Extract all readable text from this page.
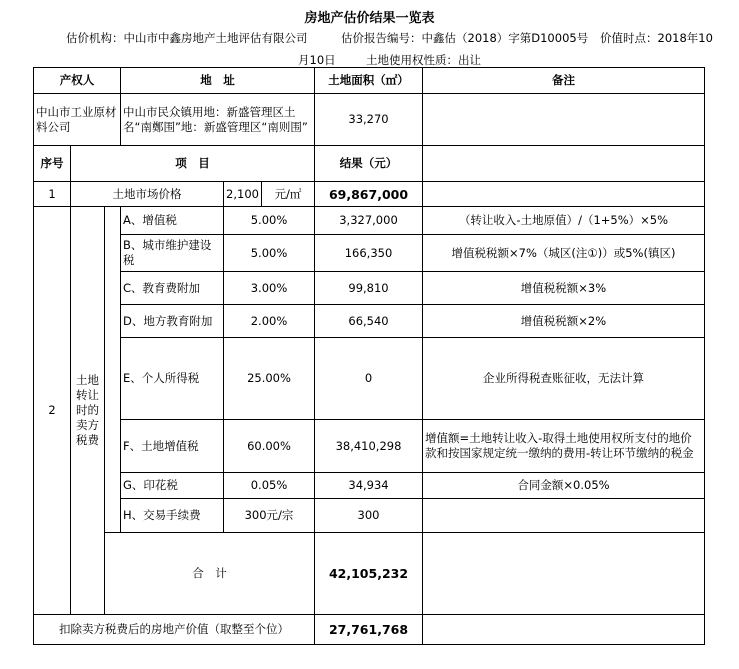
房地产估价结果一览表
估价机构：中山市中鑫房地产土地评估有限公司	估价报告编号：中鑫估（2018）字第D10005号 价值时点：2018年10
月10日	土地使用权性质：出让
产权人			地　址			土地面积（㎡）	备注
中山市工业原材料公司			中山市民众镇用地：新盛管理区土名“南鄭围”地：新盛管理区“南则围”			33,270	
序号	项　目					结果（元）	
1	土地市场价格			2,100	元/㎡	69,867,000	
2	土地转让时的卖方税费		A、增值税	5.00%		3,327,000	（转让收入-土地原值）/（1+5%）×5%
			B、城市维护建设税	5.00%		166,350	增值税税额×7%（城区(注①)）或5%(镇区)
			C、教育费附加	3.00%		99,810	增值税税额×3%
			D、地方教育附加	2.00%		66,540	增值税税额×2%
			E、个人所得税	25.00%		0	企业所得税查账征收，无法计算
			F、土地增值税	60.00%		38,410,298	增值额=土地转让收入-取得土地使用权所支付的地价款和按国家规定统一缴纳的费用-转让环节缴纳的税金
			G、印花税	0.05%		34,934	合同金额×0.05%
			H、交易手续费	300元/宗		300	
		合　计				42,105,232	
扣除卖方税费后的房地产价值（取整至个位）						27,761,768	
